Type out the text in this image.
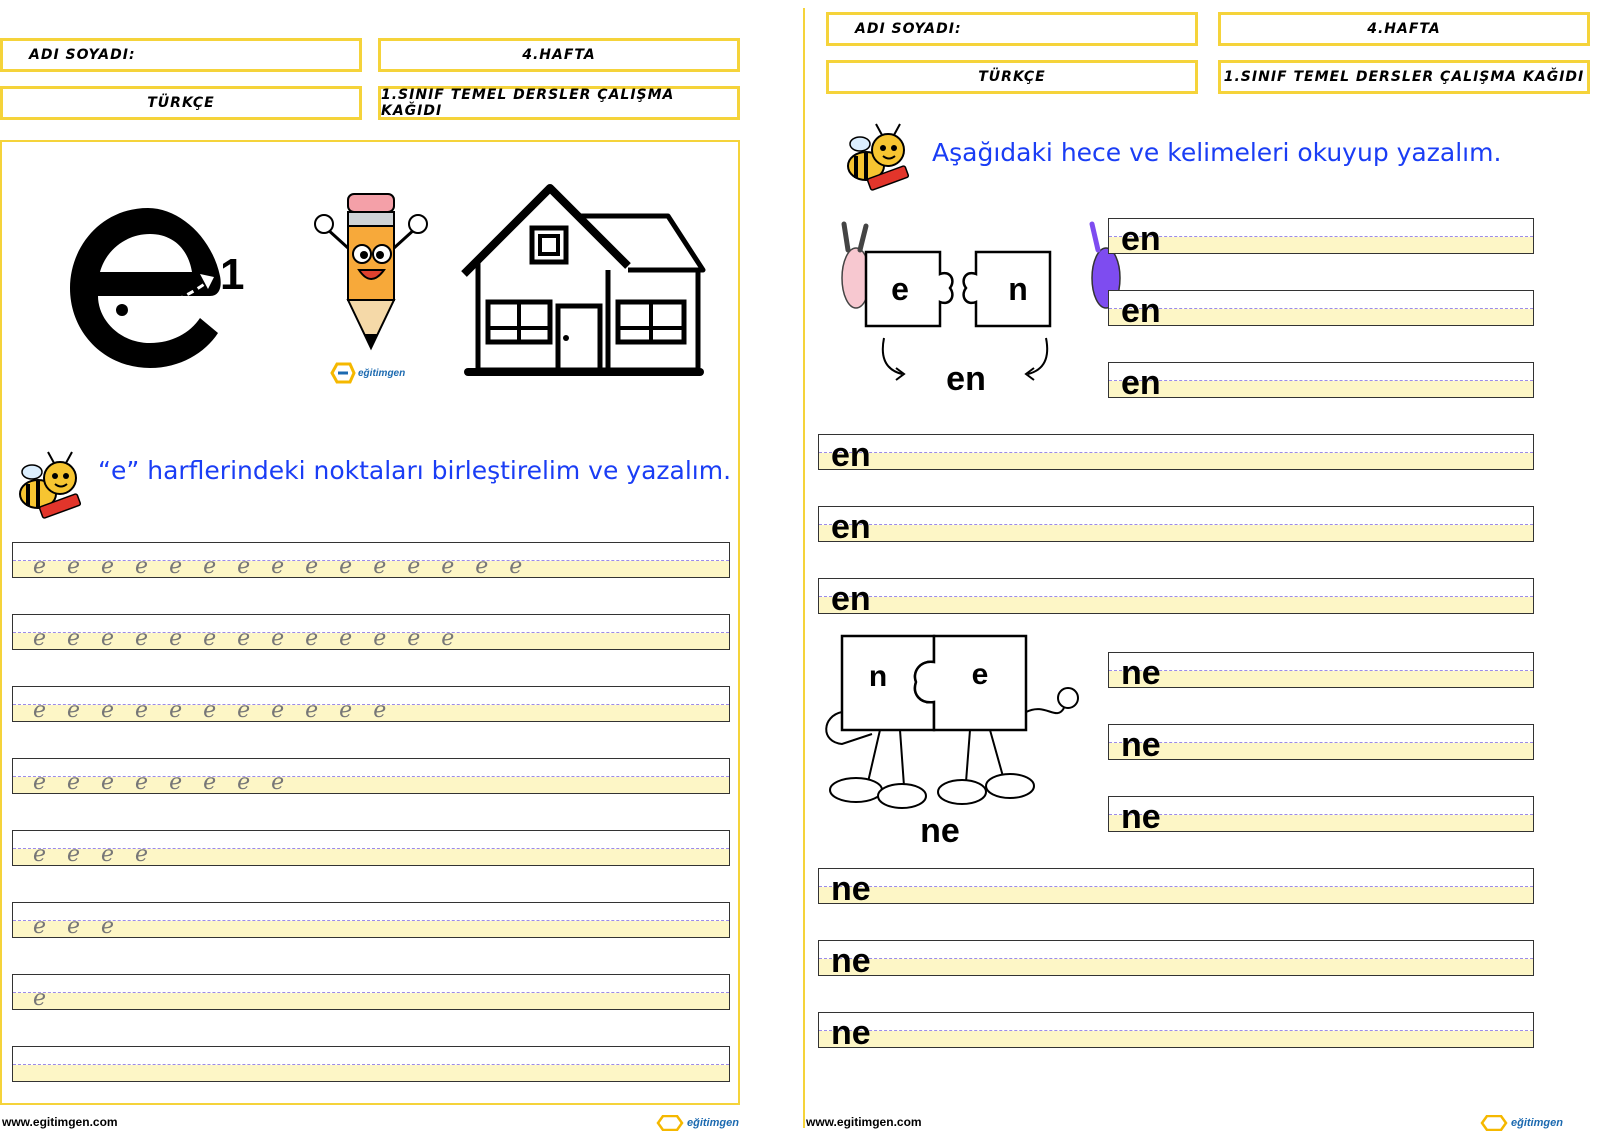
ADI SOYADI:	4.HAFTA
TÜRKÇE	1.SINIF TEMEL DERSLER ÇALIŞMA KAĞIDI
1
eğitimgen
“e” harflerindeki noktaları birleştirelim ve yazalım.
eeeeeeeeeeeeeee
eeeeeeeeeeeee
eeeeeeeeeee
eeeeeeee
eeee
eee
e
www.egitimgen.com	eğitimgen
ADI SOYADI:	4.HAFTA
TÜRKÇE	1.SINIF TEMEL DERSLER ÇALIŞMA KAĞIDI
Aşağıdaki hece ve kelimeleri okuyup yazalım.
e	n
en
en
en
en
en
en
en
n	e
ne
ne
ne
ne
ne
ne
ne
www.egitimgen.com	eğitimgen
